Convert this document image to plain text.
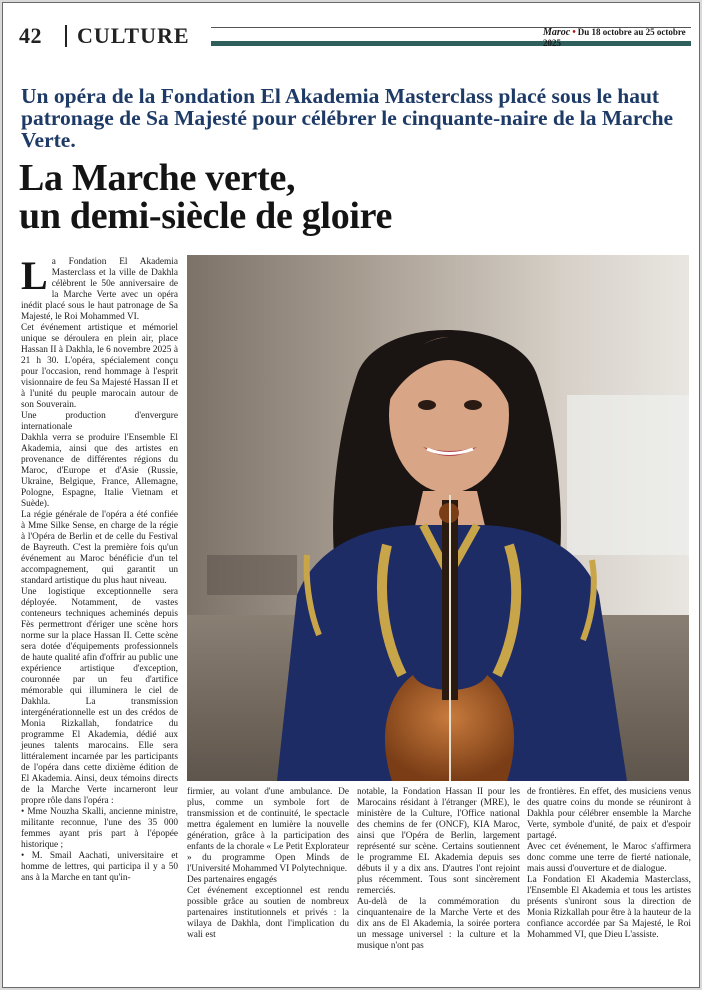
42 CULTURE	Maroc • Du 18 octobre au 25 octobre 2025
Un opéra de la Fondation El Akademia Masterclass placé sous le haut patronage de Sa Majesté pour célébrer le cinquante-naire de la Marche Verte.
La Marche verte,
un demi-siècle de gloire

La Fondation El Akademia Masterclass et la ville de Dakhla célèbrent le 50e anniversaire de la Marche Verte avec un opéra inédit placé sous le haut patronage de Sa Majesté, le Roi Mohammed VI.

Cet événement artistique et mémoriel unique se déroulera en plein air, place Hassan II à Dakhla, le 6 novembre 2025 à 21 h 30. L'opéra, spécialement conçu pour l'occasion, rend hommage à l'esprit visionnaire de feu Sa Majesté Hassan II et à l'unité du peuple marocain autour de son Souverain.

Une production d'envergure internationale

Dakhla verra se produire l'Ensemble El Akademia, ainsi que des artistes en provenance de différentes régions du Maroc, d'Europe et d'Asie (Russie, Ukraine, Belgique, France, Allemagne, Pologne, Espagne, Italie Vietnam et Suède).

La régie générale de l'opéra a été confiée à Mme Silke Sense, en charge de la régie à l'Opéra de Berlin et de celle du Festival de Bayreuth. C'est la première fois qu'un événement au Maroc bénéficie d'un tel accompagnement, qui garantit un standard artistique du plus haut niveau.

Une logistique exceptionnelle sera déployée. Notamment, de vastes conteneurs techniques acheminés depuis Fès permettront d'ériger une scène hors norme sur la place Hassan II. Cette scène sera dotée d'équipements professionnels de haute qualité afin d'offrir au public une expérience artistique d'exception, couronnée par un feu d'artifice mémorable qui illuminera le ciel de Dakhla. La transmission intergénérationnelle est un des crédos de Monia Rizkallah, fondatrice du programme El Akademia, dédié aux jeunes talents marocains. Elle sera littéralement incarnée par les participants de l'opéra dans cette dixième édition de El Akademia. Ainsi, deux témoins directs de la Marche Verte incarneront leur propre rôle dans l'opéra :

• Mme Nouzha Skalli, ancienne ministre, militante reconnue, l'une des 35 000 femmes ayant pris part à l'épopée historique ;

• M. Smail Aachati, universitaire et homme de lettres, qui participa il y a 50 ans à la Marche en tant qu'in-

firmier, au volant d'une ambulance. De plus, comme un symbole fort de transmission et de continuité, le spectacle mettra également en lumière la nouvelle génération, grâce à la participation des enfants de la chorale « Le Petit Explorateur » du programme Open Minds de l'Université Mohammed VI Polytechnique.

Des partenaires engagés

Cet événement exceptionnel est rendu possible grâce au soutien de nombreux partenaires institutionnels et privés : la wilaya de Dakhla, dont l'implication du wali est

notable, la Fondation Hassan II pour les Marocains résidant à l'étranger (MRE), le ministère de la Culture, l'Office national des chemins de fer (ONCF), KIA Maroc, ainsi que l'Opéra de Berlin, largement représenté sur scène. Certains soutiennent le programme EL Akademia depuis ses débuts il y a dix ans. D'autres l'ont rejoint plus récemment. Tous sont sincèrement remerciés.

Au-delà de la commémoration du cinquantenaire de la Marche Verte et des dix ans de El Akademia, la soirée portera un message universel : la culture et la musique n'ont pas

de frontières. En effet, des musiciens venus des quatre coins du monde se réuniront à Dakhla pour célébrer ensemble la Marche Verte, symbole d'unité, de paix et d'espoir partagé.

Avec cet événement, le Maroc s'affirmera donc comme une terre de fierté nationale, mais aussi d'ouverture et de dialogue.

La Fondation El Akademia Masterclass, l'Ensemble El Akademia et tous les artistes présents s'uniront sous la direction de Monia Rizkallah pour être à la hauteur de la confiance accordée par Sa Majesté, le Roi Mohammed VI, que Dieu L'assiste.
